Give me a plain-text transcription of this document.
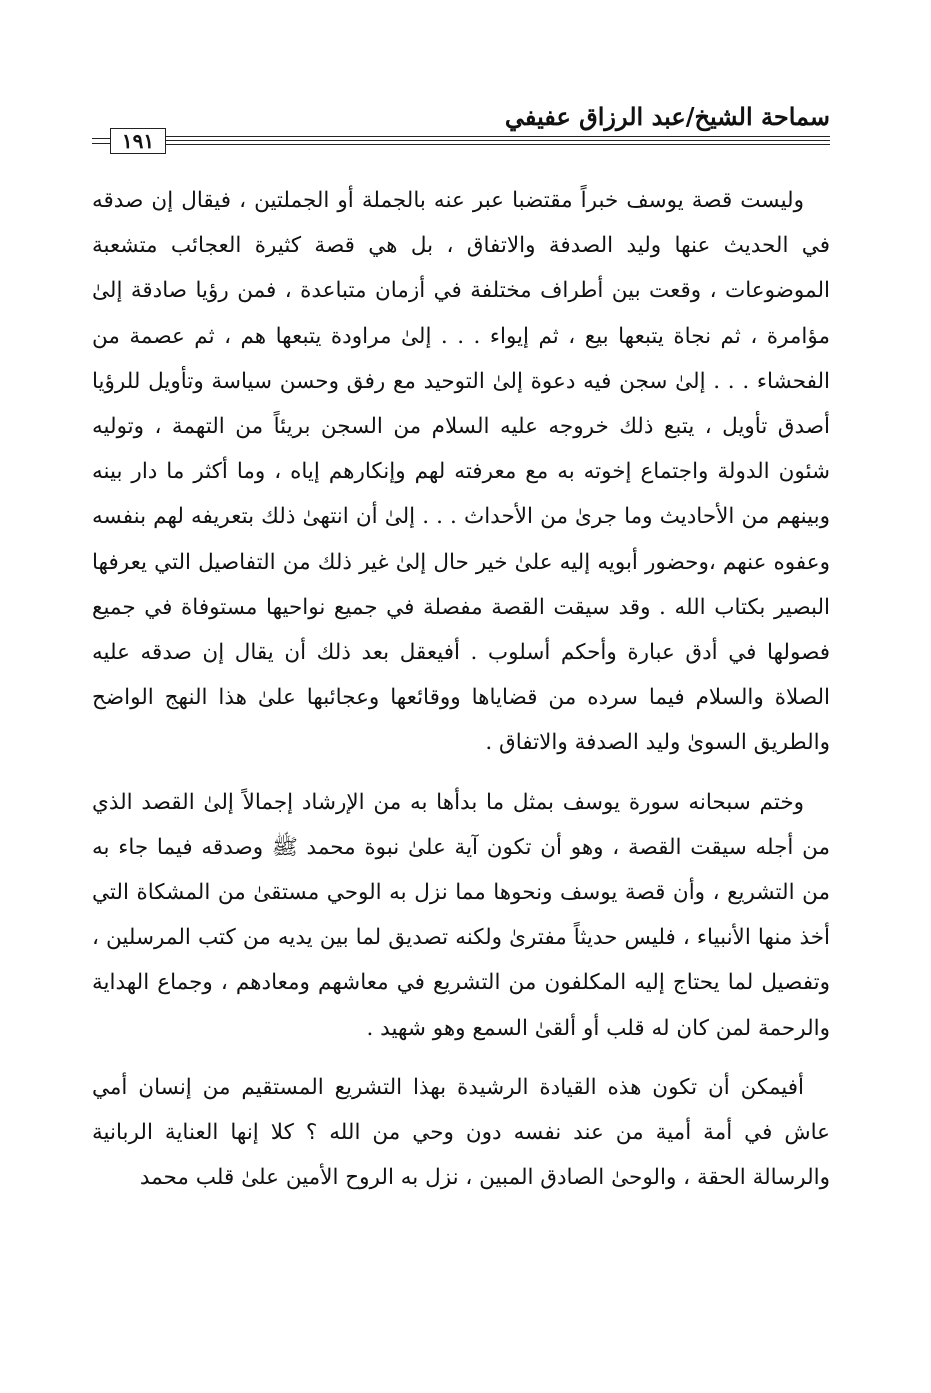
سماحة الشيخ/عبد الرزاق عفيفي
١٩١

وليست قصة يوسف خبراً مقتضبا عبر عنه بالجملة أو الجملتين ، فيقال إن صدقه في الحديث عنها وليد الصدفة والاتفاق ، بل هي قصة كثيرة العجائب متشعبة الموضوعات ، وقعت بين أطراف مختلفة في أزمان متباعدة ، فمن رؤيا صادقة إلىٰ مؤامرة ، ثم نجاة يتبعها بيع ، ثم إيواء . . . إلىٰ مراودة يتبعها هم ، ثم عصمة من الفحشاء . . . إلىٰ سجن فيه دعوة إلىٰ التوحيد مع رفق وحسن سياسة وتأويل للرؤيا أصدق تأويل ، يتبع ذلك خروجه عليه السلام من السجن بريئاً من التهمة ، وتوليه شئون الدولة واجتماع إخوته به مع معرفته لهم وإنكارهم إياه ، وما أكثر ما دار بينه وبينهم من الأحاديث وما جرىٰ من الأحداث . . . إلىٰ أن انتهىٰ ذلك بتعريفه لهم بنفسه وعفوه عنهم ،وحضور أبويه إليه علىٰ خير حال إلىٰ غير ذلك من التفاصيل التي يعرفها البصير بكتاب الله . وقد سيقت القصة مفصلة في جميع نواحيها مستوفاة في جميع فصولها في أدق عبارة وأحكم أسلوب . أفيعقل بعد ذلك أن يقال إن صدقه عليه الصلاة والسلام فيما سرده من قضاياها ووقائعها وعجائبها علىٰ هذا النهج الواضح والطريق السوىٰ وليد الصدفة والاتفاق .

وختم سبحانه سورة يوسف بمثل ما بدأها به من الإرشاد إجمالاً إلىٰ القصد الذي من أجله سيقت القصة ، وهو أن تكون آية علىٰ نبوة محمد ﷺ وصدقه فيما جاء به من التشريع ، وأن قصة يوسف ونحوها مما نزل به الوحي مستقىٰ من المشكاة التي أخذ منها الأنبياء ، فليس حديثاً مفترىٰ ولكنه تصديق لما بين يديه من كتب المرسلين ، وتفصيل لما يحتاج إليه المكلفون من التشريع في معاشهم ومعادهم ، وجماع الهداية والرحمة لمن كان له قلب أو ألقىٰ السمع وهو شهيد .

أفيمكن أن تكون هذه القيادة الرشيدة بهذا التشريع المستقيم من إنسان أمي عاش في أمة أمية من عند نفسه دون وحي من الله ؟ كلا إنها العناية الربانية والرسالة الحقة ، والوحىٰ الصادق المبين ، نزل به الروح الأمين علىٰ قلب محمد
